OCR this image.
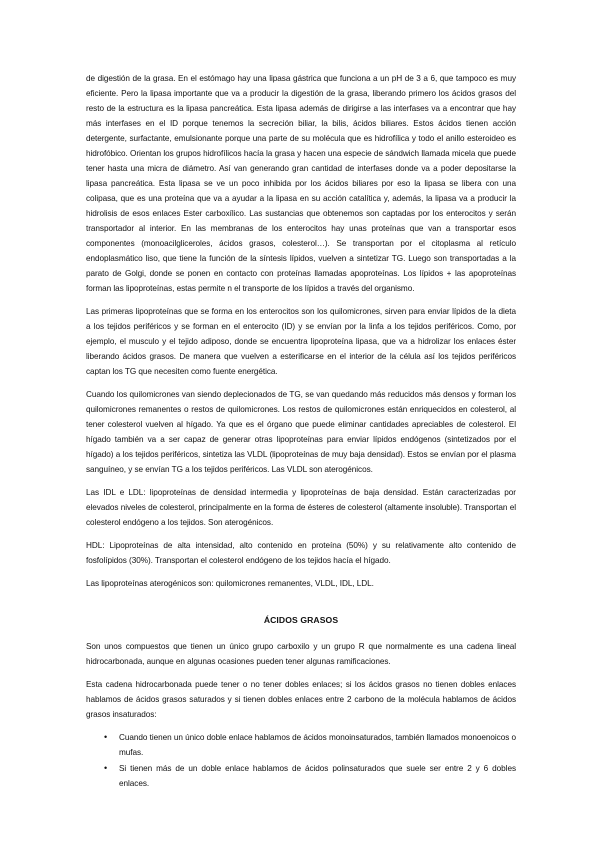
de digestión de la grasa. En el estómago hay una lipasa gástrica que funciona a un pH de 3 a 6, que tampoco es muy eficiente. Pero la lipasa importante que va a producir la digestión de la grasa, liberando primero los ácidos grasos del resto de la estructura es la lipasa pancreática. Esta lipasa además de dirigirse a las interfases va a encontrar que hay más interfases en el ID porque tenemos la secreción biliar, la bilis, ácidos biliares. Estos ácidos tienen acción detergente, surfactante, emulsionante porque una parte de su molécula que es hidrofílica y todo el anillo esteroideo es hidrofóbico. Orientan los grupos hidrofílicos hacía la grasa y hacen una especie de sándwich llamada micela que puede tener hasta una micra de diámetro. Así van generando gran cantidad de interfases donde va a poder depositarse la lipasa pancreática. Esta lipasa se ve un poco inhibida por los ácidos biliares por eso la lipasa se libera con una colipasa, que es una proteína que va a ayudar a la lipasa en su acción catalítica y, además, la lipasa va a producir la hidrolisis de esos enlaces Ester carboxílico. Las sustancias que obtenemos son captadas por los enterocitos y serán transportador al interior. En las membranas de los enterocitos hay unas proteínas que van a transportar esos componentes (monoacilgliceroles, ácidos grasos, colesterol…). Se transportan por el citoplasma al retículo endoplasmático liso, que tiene la función de la síntesis lípidos, vuelven a sintetizar TG. Luego son transportadas a la parato de Golgi, donde se ponen en contacto con proteínas llamadas apoproteínas. Los lípidos + las apoproteínas forman las lipoproteínas, estas permite n el transporte de los lípidos a través del organismo.

Las primeras lipoproteínas que se forma en los enterocitos son los quilomicrones, sirven para enviar lípidos de la dieta a los tejidos periféricos y se forman en el enterocito (ID) y se envían por la linfa a los tejidos periféricos. Como, por ejemplo, el musculo y el tejido adiposo, donde se encuentra lipoproteína lipasa, que va a hidrolizar los enlaces éster liberando ácidos grasos. De manera que vuelven a esterificarse en el interior de la célula así los tejidos periféricos captan los TG que necesiten como fuente energética.

Cuando los quilomicrones van siendo deplecionados de TG, se van quedando más reducidos más densos y forman los quilomicrones remanentes o restos de quilomicrones. Los restos de quilomicrones están enriquecidos en colesterol, al tener colesterol vuelven al hígado. Ya que es el órgano que puede eliminar cantidades apreciables de colesterol. El hígado también va a ser capaz de generar otras lipoproteínas para enviar lípidos endógenos (sintetizados por el hígado) a los tejidos periféricos, sintetiza las VLDL (lipoproteínas de muy baja densidad). Estos se envían por el plasma sanguíneo, y se envían TG a los tejidos periféricos. Las VLDL son aterogénicos.

Las IDL e LDL: lipoproteínas de densidad intermedia y lipoproteínas de baja densidad. Están caracterizadas por elevados niveles de colesterol, principalmente en la forma de ésteres de colesterol (altamente insoluble). Transportan el colesterol endógeno a los tejidos. Son aterogénicos.

HDL: Lipoproteínas de alta intensidad, alto contenido en proteína (50%) y su relativamente alto contenido de fosfolípidos (30%). Transportan el colesterol endógeno de los tejidos hacía el hígado.

Las lipoproteínas aterogénicos son: quilomicrones remanentes, VLDL, IDL, LDL.

ÁCIDOS GRASOS

Son unos compuestos que tienen un único grupo carboxilo y un grupo R que normalmente es una cadena lineal hidrocarbonada, aunque en algunas ocasiones pueden tener algunas ramificaciones.

Esta cadena hidrocarbonada puede tener o no tener dobles enlaces; si los ácidos grasos no tienen dobles enlaces hablamos de ácidos grasos saturados y si tienen dobles enlaces entre 2 carbono de la molécula hablamos de ácidos grasos insaturados:

• Cuando tienen un único doble enlace hablamos de ácidos monoinsaturados, también llamados monoenoicos o mufas.
• Si tienen más de un doble enlace hablamos de ácidos polinsaturados que suele ser entre 2 y 6 dobles enlaces.
